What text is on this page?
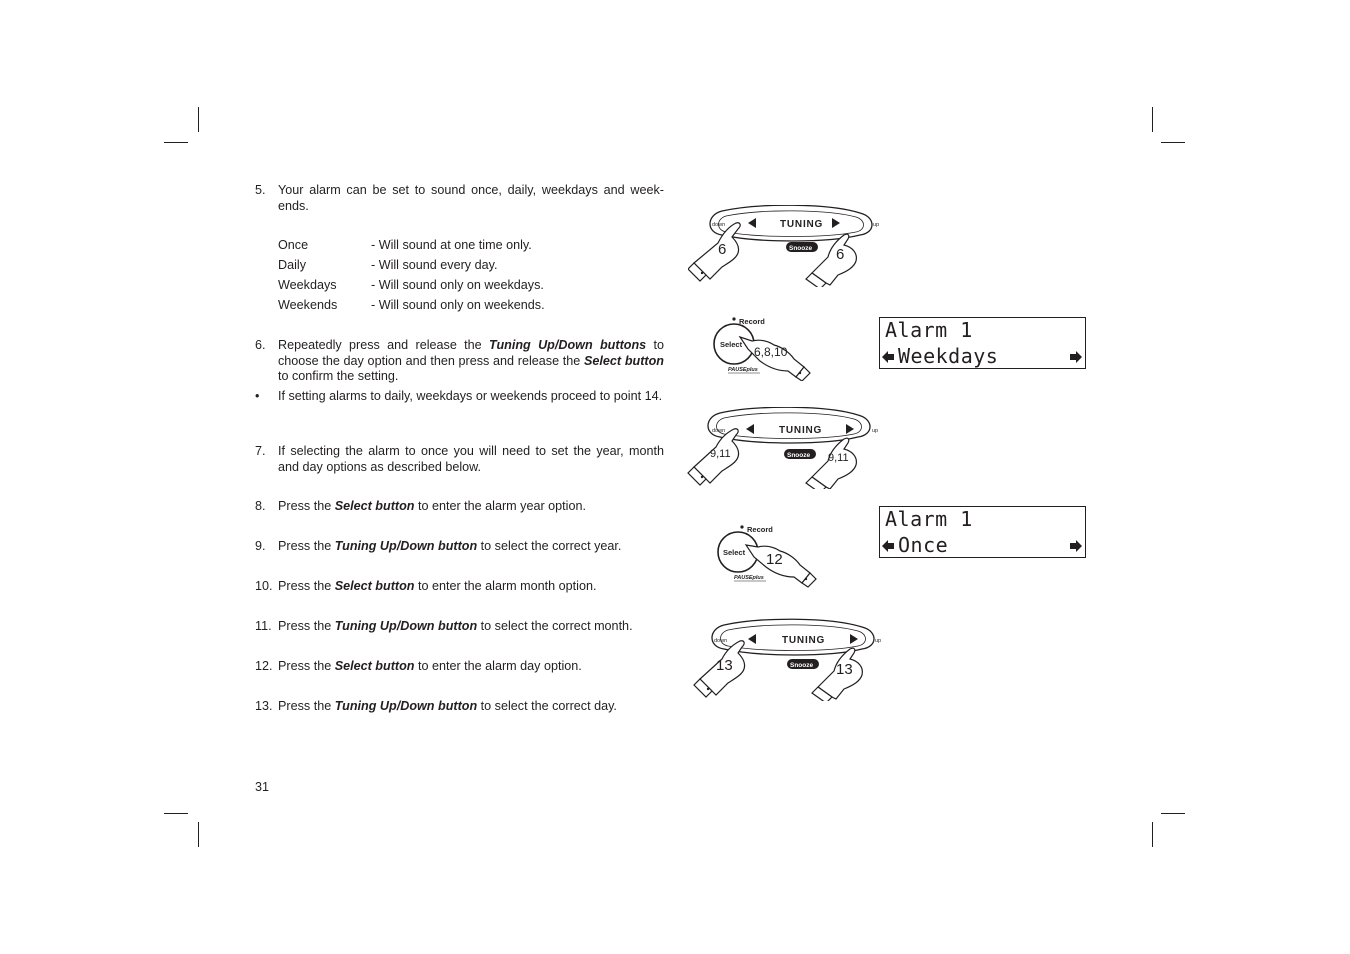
5. Your alarm can be set to sound once, daily, weekdays and week-ends.
Once	- Will sound at one time only.
Daily	- Will sound every day.
Weekdays	- Will sound only on weekdays.
Weekends	- Will sound only on weekends.
6. Repeatedly press and release the Tuning Up/Down buttons to choose the day option and then press and release the Select button to confirm the setting.
• If setting alarms to daily, weekdays or weekends proceed to point 14.
7. If selecting the alarm to once you will need to set the year, month and day options as described below.
8. Press the Select button to enter the alarm year option.
9. Press the Tuning Up/Down button to select the correct year.
10. Press the Select button to enter the alarm month option.
11. Press the Tuning Up/Down button to select the correct month.
12. Press the Select button to enter the alarm day option.
13. Press the Tuning Up/Down button to select the correct day.
31
TUNING
down	up
Snooze
6	6
Record
Select
6,8,10
PAUSEplus
Alarm 1
Weekdays
TUNING
down	up
Snooze
9,11	9,11
Record
Select 12
PAUSEplus
Alarm 1
Once
TUNING
down	up
Snooze
13	13
